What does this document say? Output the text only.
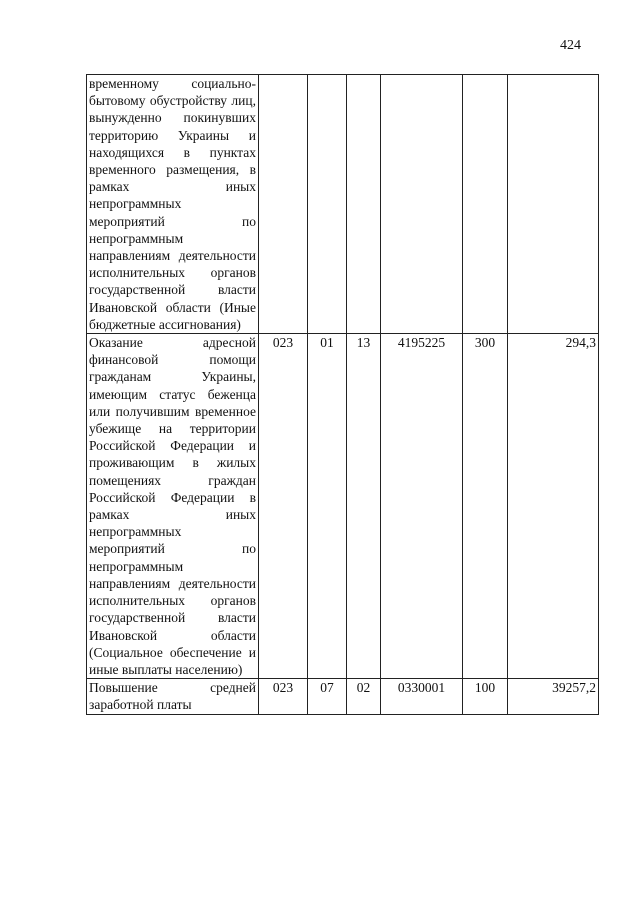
424
временному социально-бытовому обустройству лиц, вынужденно покинувших территорию Украины и находящихся в пунктах временного размещения, в рамках иных непрограммных мероприятий по непрограммным направлениям деятельности исполнительных органов государственной власти Ивановской области (Иные бюджетные ассигнования)						
Оказание адресной финансовой помощи гражданам Украины, имеющим статус беженца или получившим временное убежище на территории Российской Федерации и проживающим в жилых помещениях граждан Российской Федерации в рамках иных непрограммных мероприятий по непрограммным направлениям деятельности исполнительных органов государственной власти Ивановской области (Социальное обеспечение и иные выплаты населению)	023	01	13	4195225	300	294,3
Повышение средней заработной платы	023	07	02	0330001	100	39257,2
